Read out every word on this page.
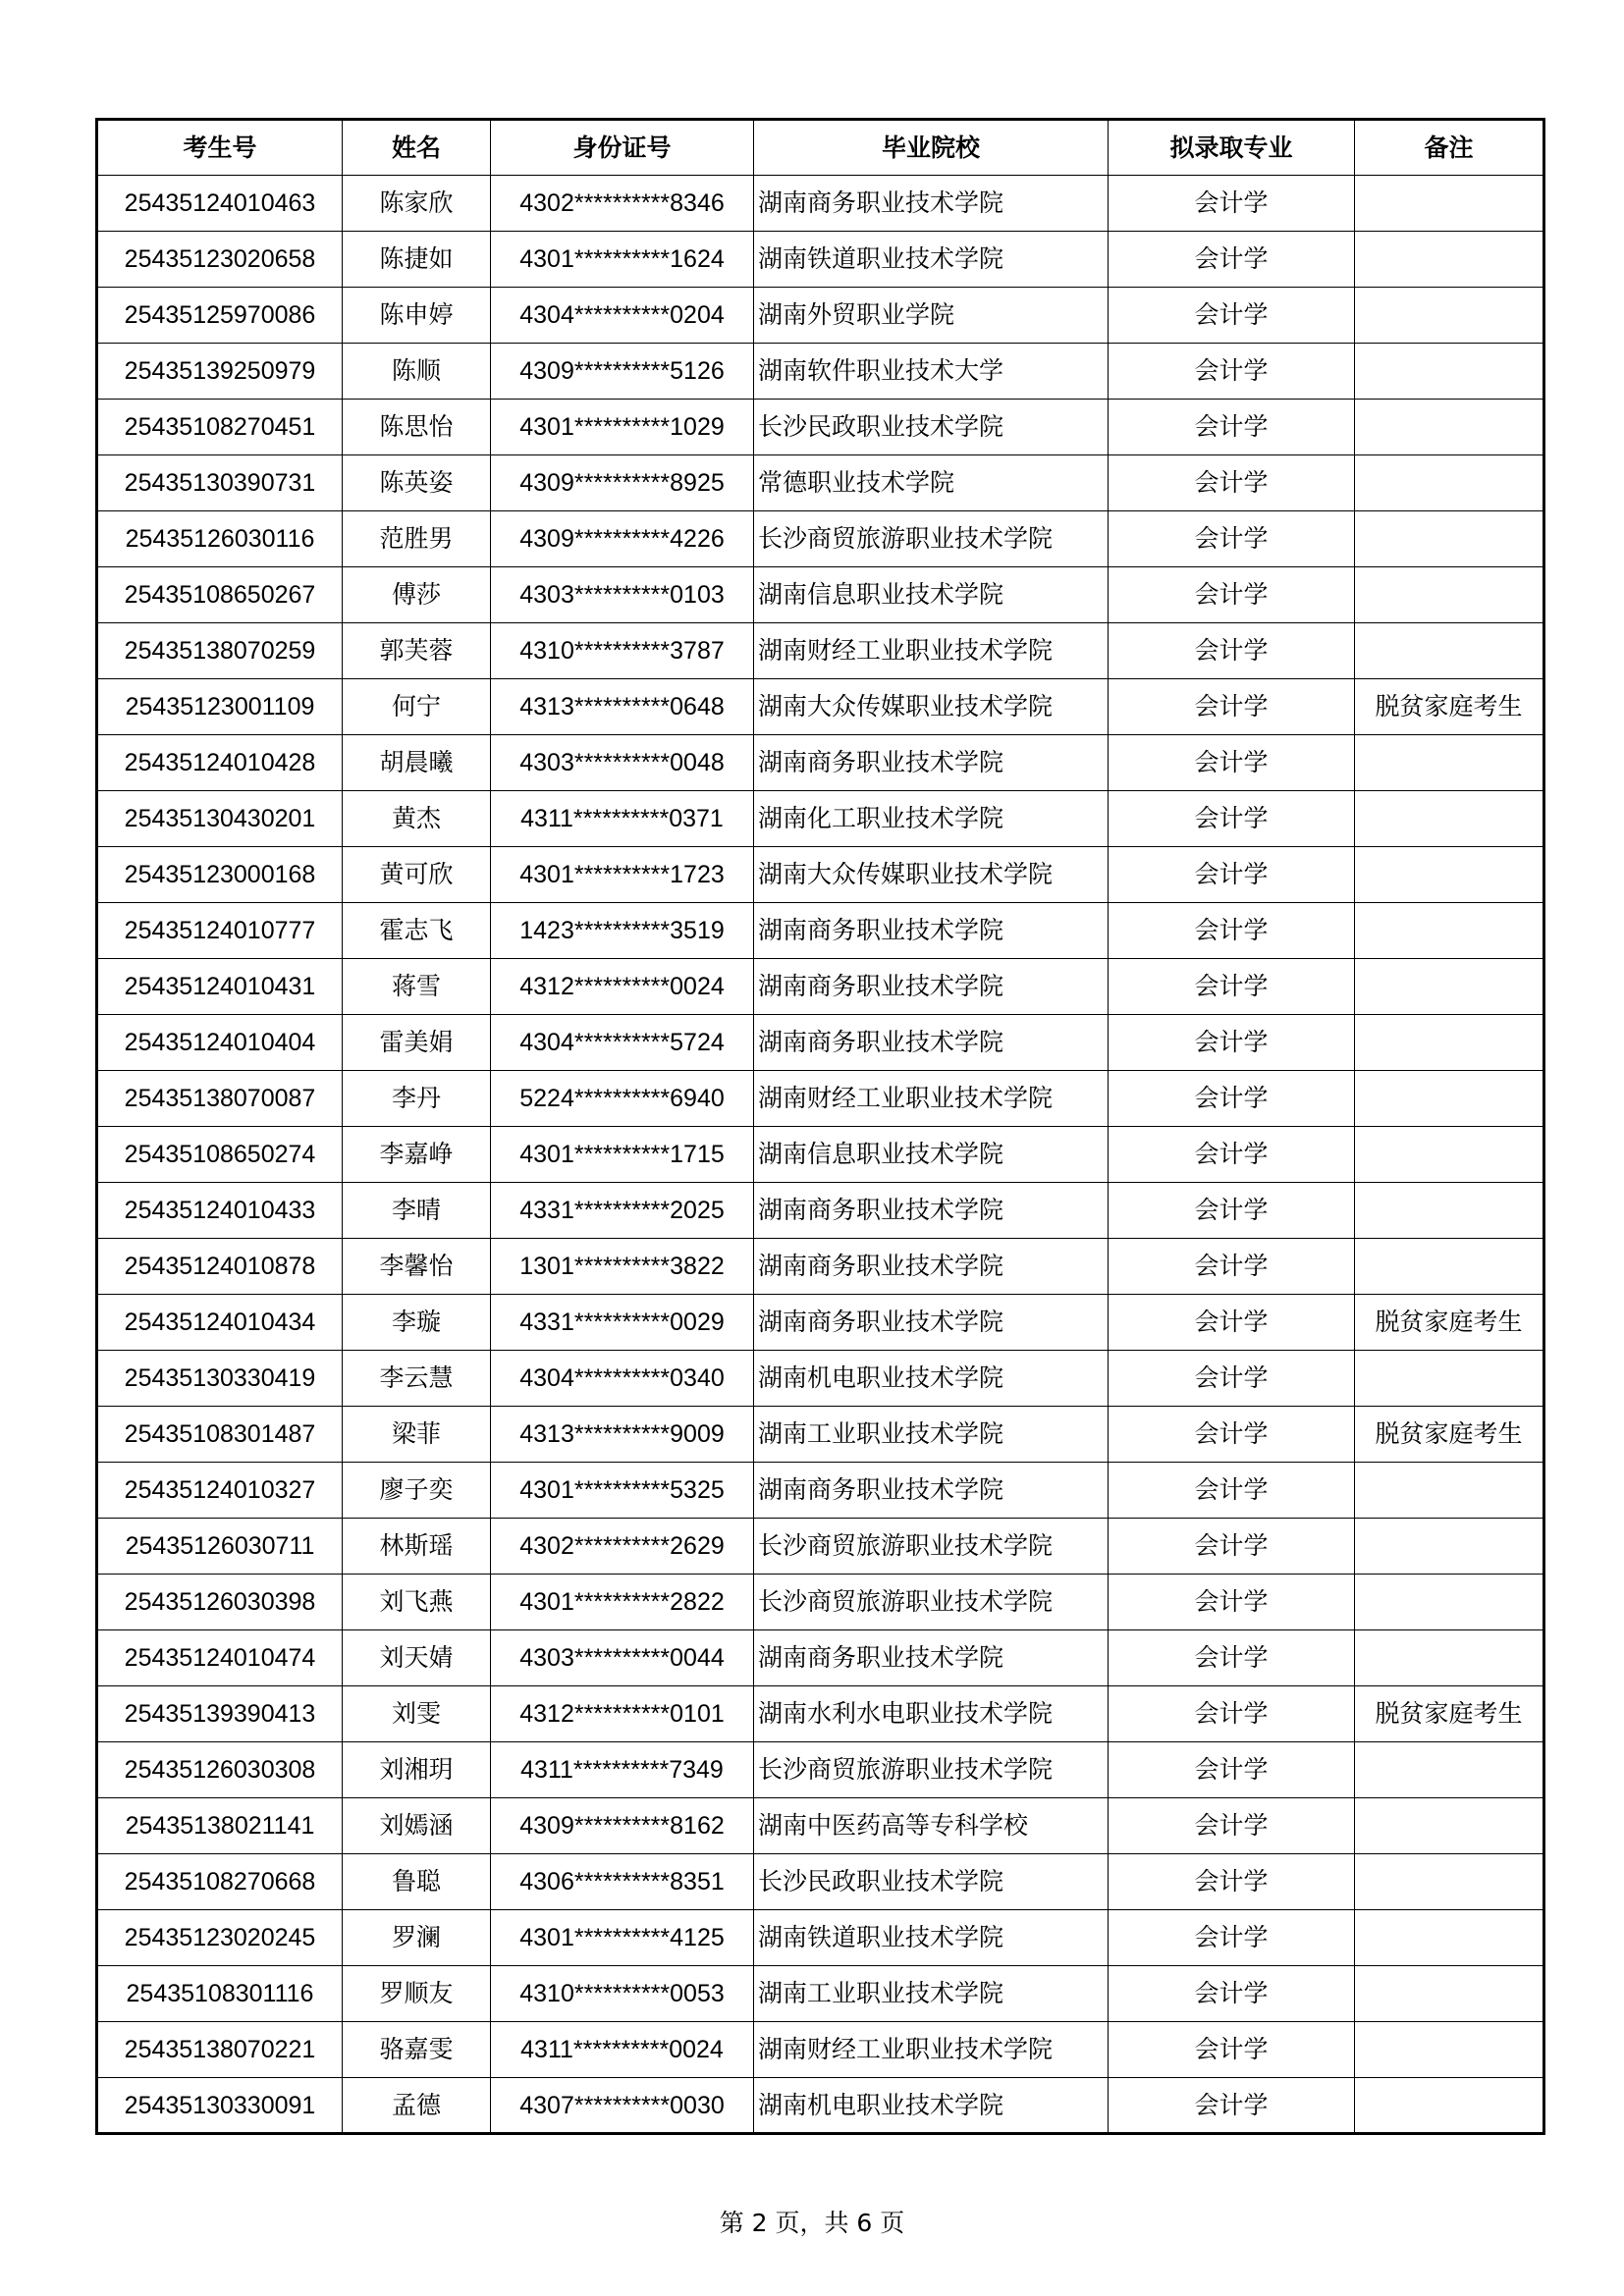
考生号	姓名	身份证号	毕业院校	拟录取专业	备注
25435124010463	陈家欣	4302**********8346	湖南商务职业技术学院	会计学	
25435123020658	陈捷如	4301**********1624	湖南铁道职业技术学院	会计学	
25435125970086	陈申婷	4304**********0204	湖南外贸职业学院	会计学	
25435139250979	陈顺	4309**********5126	湖南软件职业技术大学	会计学	
25435108270451	陈思怡	4301**********1029	长沙民政职业技术学院	会计学	
25435130390731	陈英姿	4309**********8925	常德职业技术学院	会计学	
25435126030116	范胜男	4309**********4226	长沙商贸旅游职业技术学院	会计学	
25435108650267	傅莎	4303**********0103	湖南信息职业技术学院	会计学	
25435138070259	郭芙蓉	4310**********3787	湖南财经工业职业技术学院	会计学	
25435123001109	何宁	4313**********0648	湖南大众传媒职业技术学院	会计学	脱贫家庭考生
25435124010428	胡晨曦	4303**********0048	湖南商务职业技术学院	会计学	
25435130430201	黄杰	4311**********0371	湖南化工职业技术学院	会计学	
25435123000168	黄可欣	4301**********1723	湖南大众传媒职业技术学院	会计学	
25435124010777	霍志飞	1423**********3519	湖南商务职业技术学院	会计学	
25435124010431	蒋雪	4312**********0024	湖南商务职业技术学院	会计学	
25435124010404	雷美娟	4304**********5724	湖南商务职业技术学院	会计学	
25435138070087	李丹	5224**********6940	湖南财经工业职业技术学院	会计学	
25435108650274	李嘉峥	4301**********1715	湖南信息职业技术学院	会计学	
25435124010433	李晴	4331**********2025	湖南商务职业技术学院	会计学	
25435124010878	李馨怡	1301**********3822	湖南商务职业技术学院	会计学	
25435124010434	李璇	4331**********0029	湖南商务职业技术学院	会计学	脱贫家庭考生
25435130330419	李云慧	4304**********0340	湖南机电职业技术学院	会计学	
25435108301487	梁菲	4313**********9009	湖南工业职业技术学院	会计学	脱贫家庭考生
25435124010327	廖子奕	4301**********5325	湖南商务职业技术学院	会计学	
25435126030711	林斯瑶	4302**********2629	长沙商贸旅游职业技术学院	会计学	
25435126030398	刘飞燕	4301**********2822	长沙商贸旅游职业技术学院	会计学	
25435124010474	刘天婧	4303**********0044	湖南商务职业技术学院	会计学	
25435139390413	刘雯	4312**********0101	湖南水利水电职业技术学院	会计学	脱贫家庭考生
25435126030308	刘湘玥	4311**********7349	长沙商贸旅游职业技术学院	会计学	
25435138021141	刘嫣涵	4309**********8162	湖南中医药高等专科学校	会计学	
25435108270668	鲁聪	4306**********8351	长沙民政职业技术学院	会计学	
25435123020245	罗澜	4301**********4125	湖南铁道职业技术学院	会计学	
25435108301116	罗顺友	4310**********0053	湖南工业职业技术学院	会计学	
25435138070221	骆嘉雯	4311**********0024	湖南财经工业职业技术学院	会计学	
25435130330091	孟德	4307**********0030	湖南机电职业技术学院	会计学	
第 2 页，共 6 页
